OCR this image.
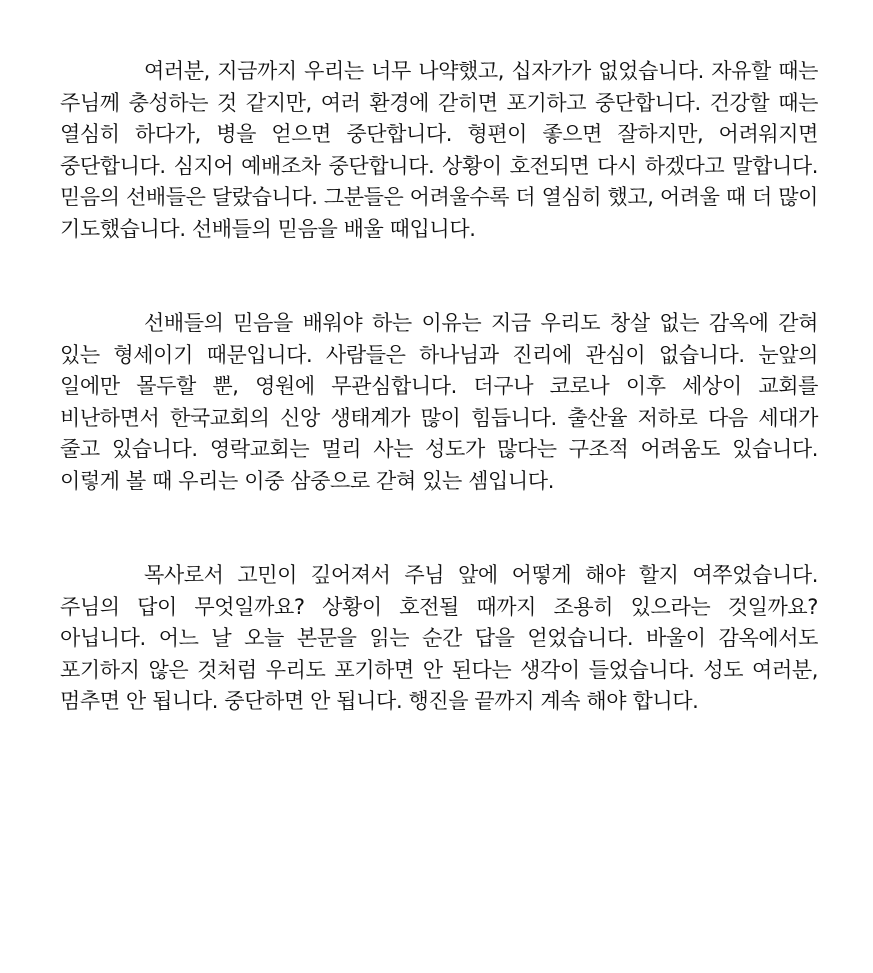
여러분, 지금까지 우리는 너무 나약했고, 십자가가 없었습니다. 자유할 때는 주님께 충성하는 것 같지만, 여러 환경에 갇히면 포기하고 중단합니다. 건강할 때는 열심히 하다가, 병을 얻으면 중단합니다. 형편이 좋으면 잘하지만, 어려워지면 중단합니다. 심지어 예배조차 중단합니다. 상황이 호전되면 다시 하겠다고 말합니다. 믿음의 선배들은 달랐습니다. 그분들은 어려울수록 더 열심히 했고, 어려울 때 더 많이 기도했습니다. 선배들의 믿음을 배울 때입니다.

선배들의 믿음을 배워야 하는 이유는 지금 우리도 창살 없는 감옥에 갇혀 있는 형세이기 때문입니다. 사람들은 하나님과 진리에 관심이 없습니다. 눈앞의 일에만 몰두할 뿐, 영원에 무관심합니다. 더구나 코로나 이후 세상이 교회를 비난하면서 한국교회의 신앙 생태계가 많이 힘듭니다. 출산율 저하로 다음 세대가 줄고 있습니다. 영락교회는 멀리 사는 성도가 많다는 구조적 어려움도 있습니다. 이렇게 볼 때 우리는 이중 삼중으로 갇혀 있는 셈입니다.

목사로서 고민이 깊어져서 주님 앞에 어떻게 해야 할지 여쭈었습니다. 주님의 답이 무엇일까요? 상황이 호전될 때까지 조용히 있으라는 것일까요? 아닙니다. 어느 날 오늘 본문을 읽는 순간 답을 얻었습니다. 바울이 감옥에서도 포기하지 않은 것처럼 우리도 포기하면 안 된다는 생각이 들었습니다. 성도 여러분, 멈추면 안 됩니다. 중단하면 안 됩니다. 행진을 끝까지 계속 해야 합니다.
